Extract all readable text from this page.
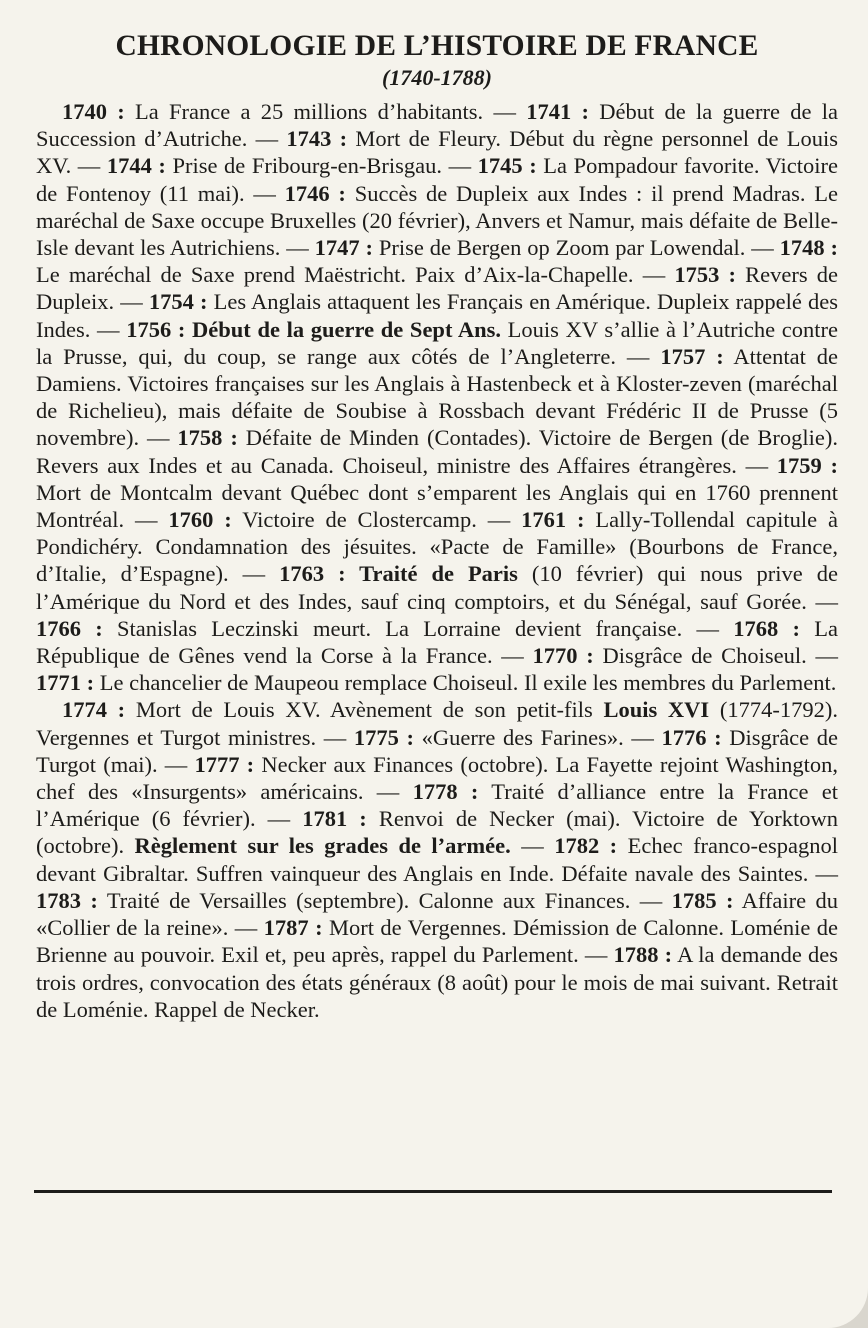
CHRONOLOGIE DE L’HISTOIRE DE FRANCE
(1740-1788)

1740 : La France a 25 millions d’habitants. — 1741 : Début de la guerre de la Succession d’Autriche. — 1743 : Mort de Fleury. Début du règne personnel de Louis XV. — 1744 : Prise de Fribourg-en-Brisgau. — 1745 : La Pompadour favorite. Victoire de Fontenoy (11 mai). — 1746 : Succès de Dupleix aux Indes : il prend Madras. Le maréchal de Saxe occupe Bruxelles (20 février), Anvers et Namur, mais défaite de Belle-Isle devant les Autrichiens. — 1747 : Prise de Bergen op Zoom par Lowendal. — 1748 : Le maréchal de Saxe prend Maëstricht. Paix d’Aix-la-Chapelle. — 1753 : Revers de Dupleix. — 1754 : Les Anglais attaquent les Français en Amérique. Dupleix rappelé des Indes. — 1756 : Début de la guerre de Sept Ans. Louis XV s’allie à l’Autriche contre la Prusse, qui, du coup, se range aux côtés de l’Angleterre. — 1757 : Attentat de Damiens. Victoires françaises sur les Anglais à Hastenbeck et à Kloster-zeven (maréchal de Richelieu), mais défaite de Soubise à Rossbach devant Frédéric II de Prusse (5 novembre). — 1758 : Défaite de Minden (Contades). Victoire de Bergen (de Broglie). Revers aux Indes et au Canada. Choiseul, ministre des Affaires étrangères. — 1759 : Mort de Montcalm devant Québec dont s’emparent les Anglais qui en 1760 prennent Montréal. — 1760 : Victoire de Clostercamp. — 1761 : Lally-Tollendal capitule à Pondichéry. Condamnation des jésuites. «Pacte de Famille» (Bourbons de France, d’Italie, d’Espagne). — 1763 : Traité de Paris (10 février) qui nous prive de l’Amérique du Nord et des Indes, sauf cinq comptoirs, et du Sénégal, sauf Gorée. — 1766 : Stanislas Leczinski meurt. La Lorraine devient française. — 1768 : La République de Gênes vend la Corse à la France. — 1770 : Disgrâce de Choiseul. — 1771 : Le chancelier de Maupeou remplace Choiseul. Il exile les membres du Parlement.

1774 : Mort de Louis XV. Avènement de son petit-fils Louis XVI (1774-1792). Vergennes et Turgot ministres. — 1775 : «Guerre des Farines». — 1776 : Disgrâce de Turgot (mai). — 1777 : Necker aux Finances (octobre). La Fayette rejoint Washington, chef des «Insurgents» américains. — 1778 : Traité d’alliance entre la France et l’Amérique (6 février). — 1781 : Renvoi de Necker (mai). Victoire de Yorktown (octobre). Règlement sur les grades de l’armée. — 1782 : Echec franco-espagnol devant Gibraltar. Suffren vainqueur des Anglais en Inde. Défaite navale des Saintes. — 1783 : Traité de Versailles (septembre). Calonne aux Finances. — 1785 : Affaire du «Collier de la reine». — 1787 : Mort de Vergennes. Démission de Calonne. Loménie de Brienne au pouvoir. Exil et, peu après, rappel du Parlement. — 1788 : A la demande des trois ordres, convocation des états généraux (8 août) pour le mois de mai suivant. Retrait de Loménie. Rappel de Necker.
